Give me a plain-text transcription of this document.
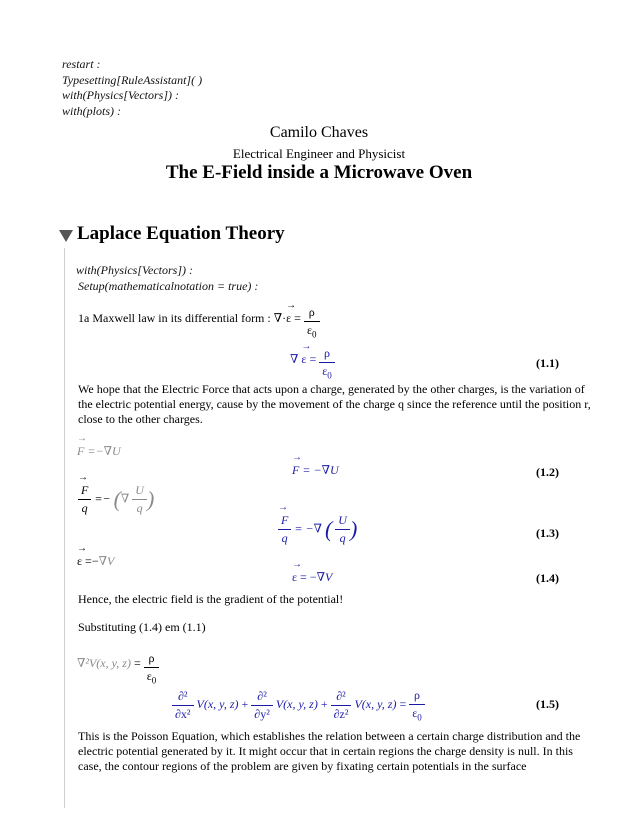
restart :
Typesetting[RuleAssistant]( )
with(Physics[Vectors]) :
with(plots) :
Camilo Chaves
Electrical Engineer and Physicist
The E-Field inside a Microwave Oven
Laplace Equation Theory
with(Physics[Vectors]) :
Setup(mathematicalnotation = true) :
1a Maxwell law in its differential form : ∇·→ $\varepsilon = \frac{\rho}{\varepsilon_0}$
∇ → $\varepsilon = \frac{\rho}{\varepsilon_0}$	(1.1)
We hope that the Electric Force that acts upon a charge, generated by the other charges, is the variation of the electric potential energy, cause by the movement of the charge q since the reference until the position r, close to the other charges.
→ F =−∇U
→ F = −∇U	(1.2)
→ $\frac{F}{q}$ =− (∇ $\frac{U}{q}$ )
→ $\frac{F}{q}$ = −∇ ( $\frac{U}{q}$ )	(1.3)
→ ε =−∇V
→ ε = −∇V	(1.4)
Hence, the electric field is the gradient of the potential!
Substituting (1.4) em (1.1)
∇²V(x, y, $z) = \frac{\rho}{\varepsilon_0}$
$\frac{\text{∂²}}{\text{∂x²}} V(x$, y, $z) + \frac{\text{∂²}}{\text{∂y²}} V(x$, y, $z) + \frac{\text{∂²}}{\text{∂z²}} V(x$, y, $z) = \frac{\rho}{\varepsilon_0}$	(1.5)
This is the Poisson Equation, which establishes the relation between a certain charge distribution and the electric potential generated by it. It might occur that in certain regions the charge density is null. In this case, the contour regions of the problem are given by fixating certain potentials in the surface
